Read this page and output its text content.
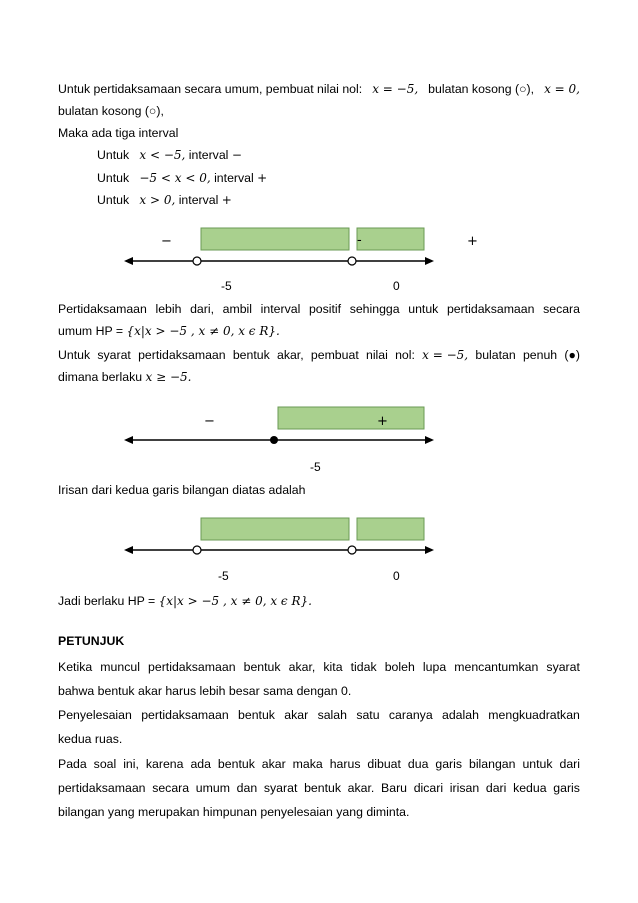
Untuk pertidaksamaan secara umum, pembuat nilai nol: x = −5, bulatan kosong (○), x = 0,
bulatan kosong (○),
Maka ada tiga interval
Untuk x < −5, interval −
Untuk −5 < x < 0, interval +
Untuk x > 0, interval +
−	-	+
-5	0
Pertidaksamaan lebih dari, ambil interval positif sehingga untuk pertidaksamaan secara
umum HP = {x|x > −5 , x ≠ 0, x ϵ R}.
Untuk syarat pertidaksamaan bentuk akar, pembuat nilai nol: x = −5, bulatan penuh (●)
dimana berlaku x ≥ −5.
−	+
-5
Irisan dari kedua garis bilangan diatas adalah
-5	0
Jadi berlaku HP = {x|x > −5 , x ≠ 0, x ϵ R}.
PETUNJUK
Ketika muncul pertidaksamaan bentuk akar, kita tidak boleh lupa mencantumkan syarat
bahwa bentuk akar harus lebih besar sama dengan 0.
Penyelesaian pertidaksamaan bentuk akar salah satu caranya adalah mengkuadratkan
kedua ruas.
Pada soal ini, karena ada bentuk akar maka harus dibuat dua garis bilangan untuk dari
pertidaksamaan secara umum dan syarat bentuk akar. Baru dicari irisan dari kedua garis
bilangan yang merupakan himpunan penyelesaian yang diminta.
